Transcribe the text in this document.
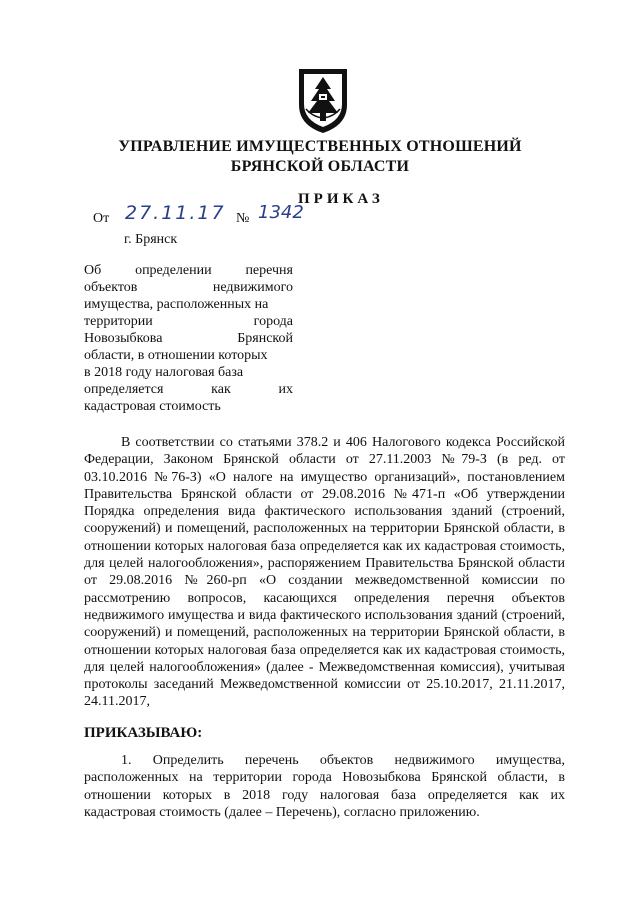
УПРАВЛЕНИЕ ИМУЩЕСТВЕННЫХ ОТНОШЕНИЙ
БРЯНСКОЙ ОБЛАСТИ
ПРИКАЗ
От 27.11.17 № 1342
г. Брянск
Об определении перечня
объектов	недвижимого
имущества, расположенных на
территории	города
Новозыбкова	Брянской
области, в отношении которых
в 2018 году налоговая база
определяется	как	их
кадастровая стоимость

В соответствии со статьями 378.2 и 406 Налогового кодекса Российской Федерации, Законом Брянской области от 27.11.2003 №79-З (в ред. от 03.10.2016 №76-З) «О налоге на имущество организаций», постановлением Правительства Брянской области от 29.08.2016 №471-п «Об утверждении Порядка определения вида фактического использования зданий (строений, сооружений) и помещений, расположенных на территории Брянской области, в отношении которых налоговая база определяется как их кадастровая стоимость, для целей налогообложения», распоряжением Правительства Брянской области от 29.08.2016 №260-рп «О создании межведомственной комиссии по рассмотрению вопросов, касающихся определения перечня объектов недвижимого имущества и вида фактического использования зданий (строений, сооружений) и помещений, расположенных на территории Брянской области, в отношении которых налоговая база определяется как их кадастровая стоимость, для целей налогообложения» (далее - Межведомственная комиссия), учитывая протоколы заседаний Межведомственной комиссии от 25.10.2017, 21.11.2017, 24.11.2017,

ПРИКАЗЫВАЮ:

1. Определить перечень объектов недвижимого имущества, расположенных на территории города Новозыбкова Брянской области, в отношении которых в 2018 году налоговая база определяется как их кадастровая стоимость (далее – Перечень), согласно приложению.
